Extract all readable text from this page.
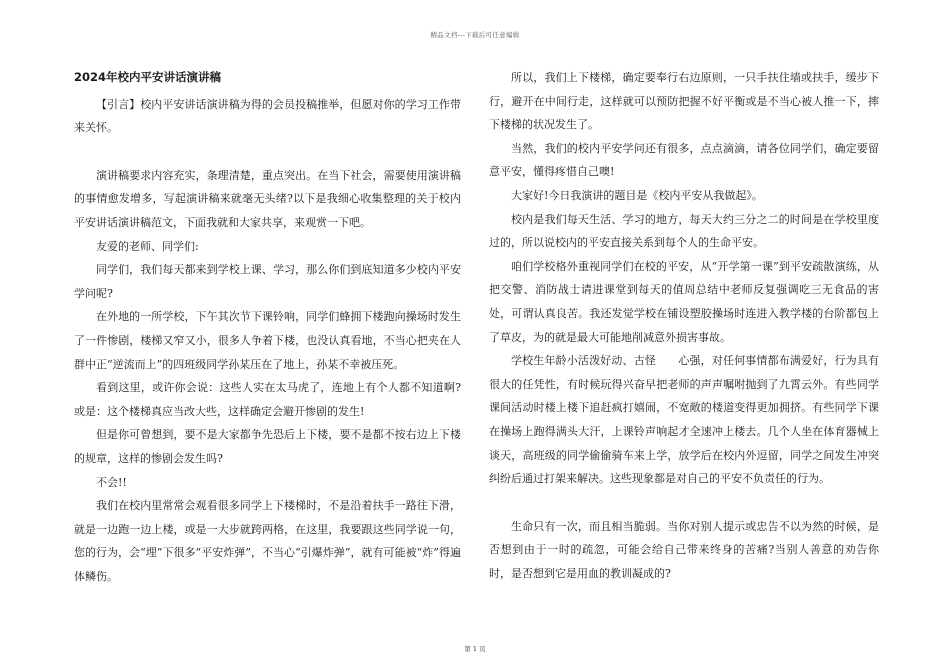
精品文档---下载后可任意编辑

2024年校内平安讲话演讲稿

【引言】校内平安讲话演讲稿为得的会员投稿推举，但愿对你的学习工作带来关怀。

演讲稿要求内容充实，条理清楚，重点突出。在当下社会，需要使用演讲稿的事情愈发增多，写起演讲稿来就毫无头绪?以下是我细心收集整理的关于校内平安讲话演讲稿范文，下面我就和大家共享，来观赏一下吧。

友爱的老师、同学们:

同学们，我们每天都来到学校上课、学习，那么你们到底知道多少校内平安学问呢?

在外地的一所学校，下午其次节下课铃响，同学们蜂拥下楼跑向操场时发生了一件惨剧，楼梯又窄又小，很多人争着下楼，也没认真看地，不当心把夹在人群中正“逆流而上”的四班级同学孙某压在了地上，孙某不幸被压死。

看到这里，或许你会说：这些人实在太马虎了，连地上有个人都不知道啊?或是：这个楼梯真应当改大些，这样确定会避开惨剧的发生!

但是你可曾想到，要不是大家都争先恐后上下楼，要不是都不按右边上下楼的规章，这样的惨剧会发生吗?

不会!!

我们在校内里常常会观看很多同学上下楼梯时，不是沿着扶手一路往下滑，就是一边跑一边上楼，或是一大步就跨两格，在这里，我要跟这些同学说一句，您的行为，会“埋”下很多“平安炸弹”，不当心“引爆炸弹”，就有可能被“炸”得遍体鳞伤。

所以，我们上下楼梯，确定要奉行右边原则，一只手扶住墙或扶手，缓步下行，避开在中间行走，这样就可以预防把握不好平衡或是不当心被人推一下，摔下楼梯的状况发生了。

当然，我们的校内平安学问还有很多，点点滴滴，请各位同学们，确定要留意平安，懂得疼惜自己噢!

大家好!今日我演讲的题目是《校内平安从我做起》。

校内是我们每天生活、学习的地方，每天大约三分之二的时间是在学校里度过的，所以说校内的平安直接关系到每个人的生命平安。

咱们学校格外重视同学们在校的平安，从“开学第一课”到平安疏散演练，从把交警、消防战士请进课堂到每天的值周总结中老师反复强调吃三无食品的害处，可谓认真良苦。我还发觉学校在铺设塑胶操场时连进入教学楼的台阶都包上了草皮，为的就是最大可能地削减意外损害事故。

学校生年龄小活泼好动、古怪　　心强，对任何事情都布满爱好，行为具有很大的任凭性，有时候玩得兴奋早把老师的声声嘱咐抛到了九霄云外。有些同学课间活动时楼上楼下追赶疯打嬉闹，不宽敞的楼道变得更加拥挤。有些同学下课在操场上跑得满头大汗，上课铃声响起才全速冲上楼去。几个人坐在体育器械上谈天，高班级的同学偷偷骑车来上学，放学后在校内外逗留，同学之间发生冲突纠纷后通过打架来解决。这些现象都是对自己的平安不负责任的行为。

生命只有一次，而且相当脆弱。当你对别人提示或忠告不以为然的时候，是否想到由于一时的疏忽，可能会给自己带来终身的苦痛?当别人善意的劝告你时，是否想到它是用血的教训凝成的?

第 1 页
